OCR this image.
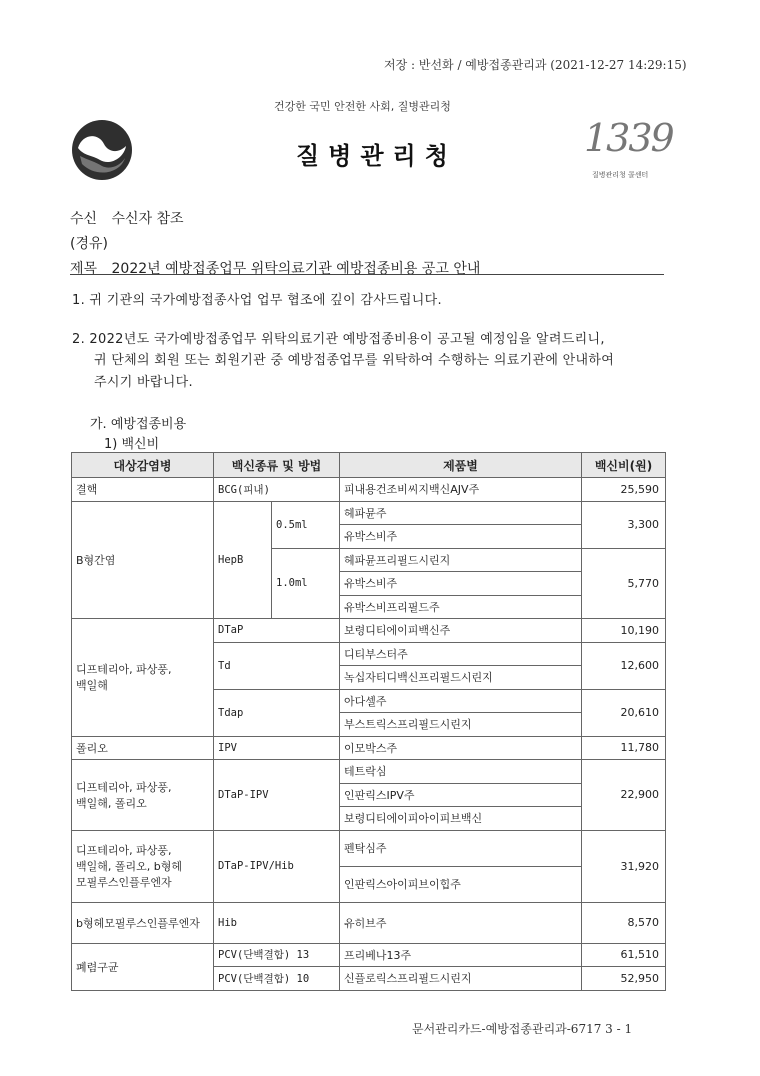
저장 : 반선화 / 예방접종관리과 (2021-12-27 14:29:15)
건강한 국민 안전한 사회, 질병관리청
질병관리청	1339
질병관리청 콜센터
수신 수신자 참조
(경유)
제목 2022년 예방접종업무 위탁의료기관 예방접종비용 공고 안내
1. 귀 기관의 국가예방접종사업 업무 협조에 깊이 감사드립니다.
2. 2022년도 국가예방접종업무 위탁의료기관 예방접종비용이 공고될 예정임을 알려드리니,
귀 단체의 회원 또는 회원기관 중 예방접종업무를 위탁하여 수행하는 의료기관에 안내하여
주시기 바랍니다.
가. 예방접종비용
1) 백신비
대상감염병	백신종류 및 방법		제품별	백신비(원)
결핵	BCG(피내)		피내용건조비씨지백신AJV주	25,590
B형간염	HepB	0.5ml	헤파뮨주	3,300
			유박스비주	
		1.0ml	헤파뮨프리필드시린지	5,770
			유박스비주	
			유박스비프리필드주	
디프테리아, 파상풍,
백일해	DTaP		보령디티에이피백신주	10,190
	Td		디티부스터주	12,600
			녹십자티디백신프리필드시린지	
	Tdap		아다셀주	20,610
			부스트릭스프리필드시린지	
폴리오	IPV		이모박스주	11,780
디프테리아, 파상풍,
백일해, 폴리오	DTaP-IPV		테트락심	22,900
			인판릭스IPV주	
			보령디티에이피아이피브백신	
디프테리아, 파상풍,
백일해, 폴리오, b형헤
모필루스인플루엔자	DTaP-IPV/Hib		펜탁심주	31,920
			인판릭스아이피브이힙주	
b형헤모필루스인플루엔자	Hib		유히브주	8,570
폐렴구균	PCV(단백결합) 13		프리베나13주	61,510
	PCV(단백결합) 10		신플로릭스프리필드시린지	52,950
문서관리카드-예방접종관리과-6717 3 - 1
